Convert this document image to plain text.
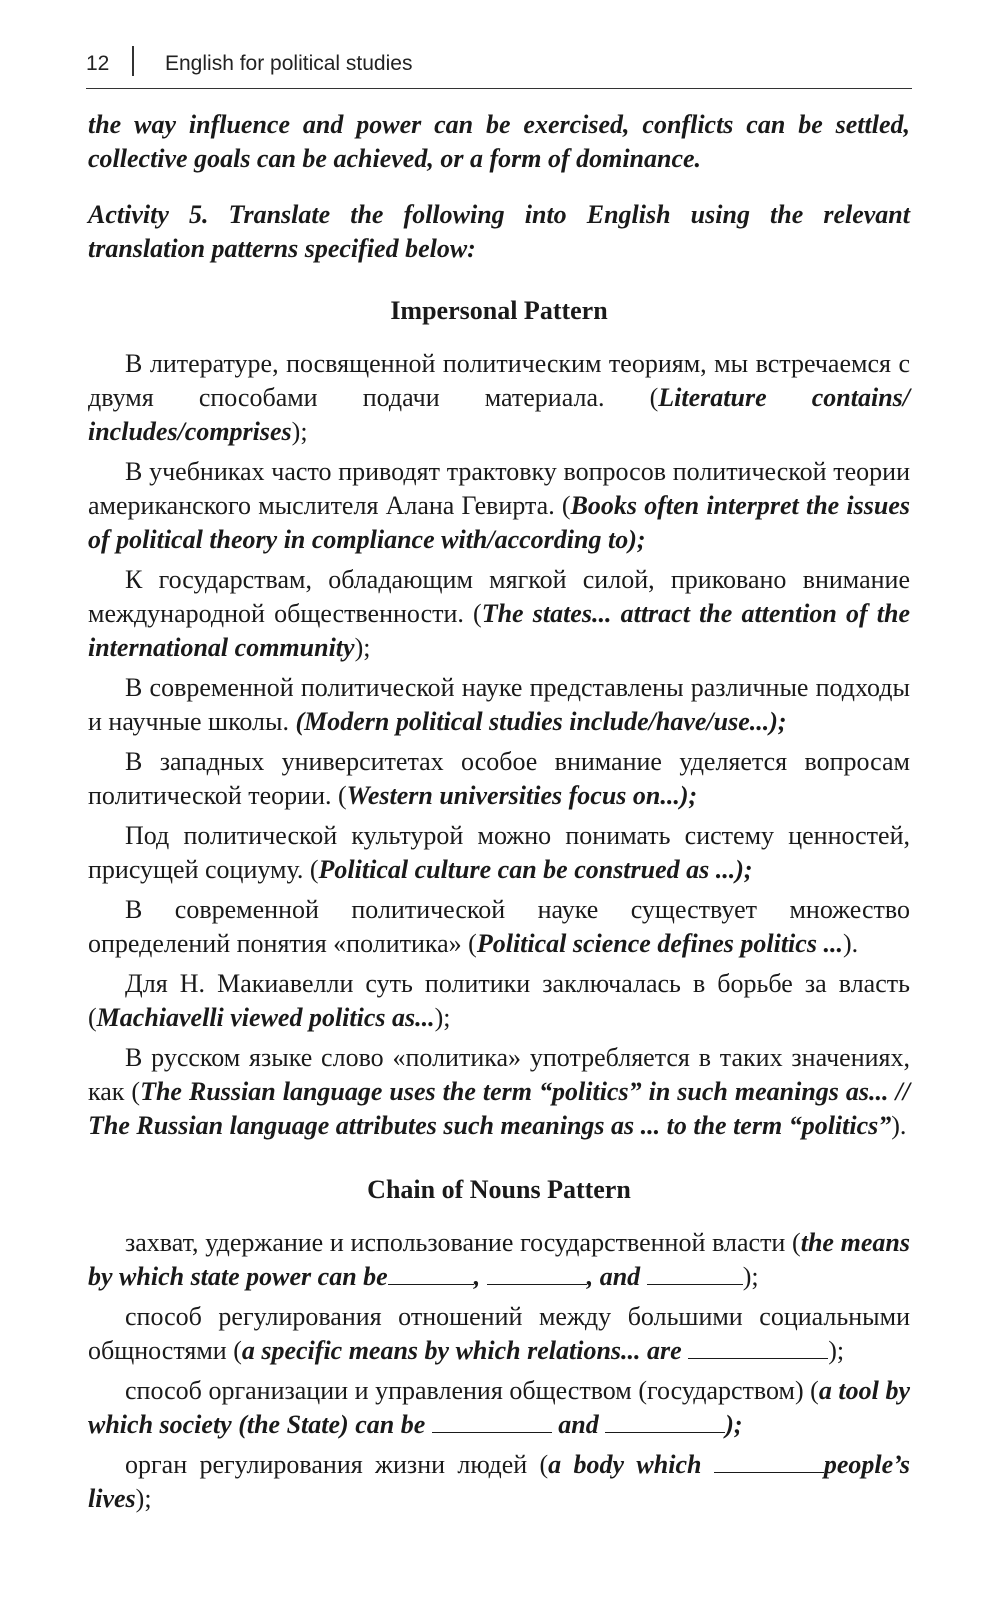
12	English for political studies

the way influence and power can be exercised, conflicts can be settled, collective goals can be achieved, or a form of dominance.

Activity 5. Translate the following into English using the relevant translation patterns specified below:

Impersonal Pattern

В литературе, посвященной политическим теориям, мы встречаемся с двумя способами подачи материала. (Literature contains/ includes/comprises);

В учебниках часто приводят трактовку вопросов политической теории американского мыслителя Алана Гевирта. (Books often interpret the issues of political theory in compliance with/according to);

К государствам, обладающим мягкой силой, приковано внимание международной общественности. (The states... attract the attention of the international community);

В современной политической науке представлены различные подходы и научные школы. (Modern political studies include/have/use...);

В западных университетах особое внимание уделяется вопросам политической теории. (Western universities focus on...);

Под политической культурой можно понимать систему ценностей, присущей социуму. (Political culture can be construed as ...);

В современной политической науке существует множество определений понятия «политика» (Political science defines politics ...).

Для Н. Макиавелли суть политики заключалась в борьбе за власть (Machiavelli viewed politics as...);

В русском языке слово «политика» употребляется в таких значениях, как (The Russian language uses the term “politics” in such meanings as... // The Russian language attributes such meanings as ... to the term “politics”).

Chain of Nouns Pattern

захват, удержание и использование государственной власти (the means by which state power can be	,	, and	);

способ регулирования отношений между большими социальными общностями (a specific means by which relations... are	);

способ организации и управления обществом (государством) (a tool by which society (the State) can be	and	);

орган регулирования жизни людей (a body which	people’s lives);
